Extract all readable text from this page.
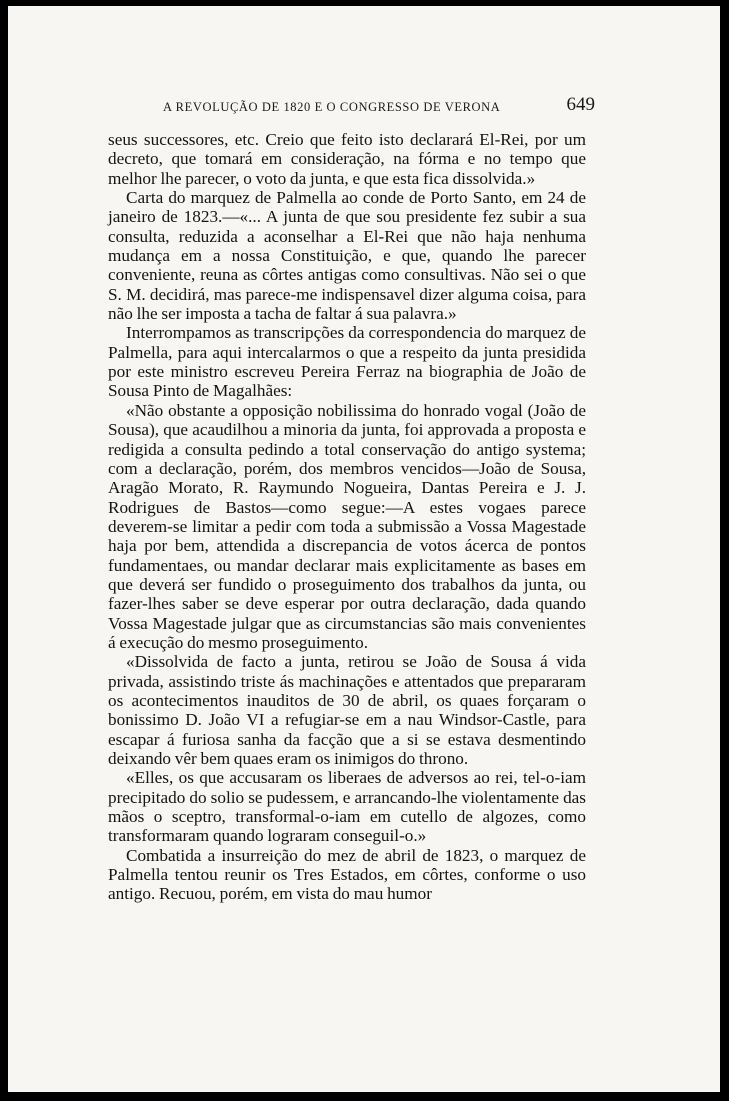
A REVOLUÇÃO DE 1820 E O CONGRESSO DE VERONA	649

seus successores, etc. Creio que feito isto declarará El-Rei, por um decreto, que tomará em consideração, na fórma e no tempo que melhor lhe parecer, o voto da junta, e que esta fica dissolvida.»

Carta do marquez de Palmella ao conde de Porto Santo, em 24 de janeiro de 1823.—«... A junta de que sou presidente fez subir a sua consulta, reduzida a aconselhar a El-Rei que não haja nenhuma mudança em a nossa Constituição, e que, quando lhe parecer conveniente, reuna as côrtes antigas como consultivas. Não sei o que S. M. decidirá, mas parece-me indispensavel dizer alguma coisa, para não lhe ser imposta a tacha de faltar á sua palavra.»

Interrompamos as transcripções da correspondencia do marquez de Palmella, para aqui intercalarmos o que a respeito da junta presidida por este ministro escreveu Pereira Ferraz na biographia de João de Sousa Pinto de Magalhães:

«Não obstante a opposição nobilissima do honrado vogal (João de Sousa), que acaudilhou a minoria da junta, foi approvada a proposta e redigida a consulta pedindo a total conservação do antigo systema; com a declaração, porém, dos membros vencidos—João de Sousa, Aragão Morato, R. Raymundo Nogueira, Dantas Pereira e J. J. Rodrigues de Bastos—como segue:—A estes vogaes parece deverem-se limitar a pedir com toda a submissão a Vossa Magestade haja por bem, attendida a discrepancia de votos ácerca de pontos fundamentaes, ou mandar declarar mais explicitamente as bases em que deverá ser fundido o proseguimento dos trabalhos da junta, ou fazer-lhes saber se deve esperar por outra declaração, dada quando Vossa Magestade julgar que as circumstancias são mais convenientes á execução do mesmo proseguimento.

«Dissolvida de facto a junta, retirou se João de Sousa á vida privada, assistindo triste ás machinações e attentados que prepararam os acontecimentos inauditos de 30 de abril, os quaes forçaram o bonissimo D. João VI a refugiar-se em a nau Windsor-Castle, para escapar á furiosa sanha da facção que a si se estava desmentindo deixando vêr bem quaes eram os inimigos do throno.

«Elles, os que accusaram os liberaes de adversos ao rei, tel-o-iam precipitado do solio se pudessem, e arrancando-lhe violentamente das mãos o sceptro, transformal-o-iam em cutello de algozes, como transformaram quando lograram conseguil-o.»

Combatida a insurreição do mez de abril de 1823, o marquez de Palmella tentou reunir os Tres Estados, em côrtes, conforme o uso antigo. Recuou, porém, em vista do mau humor
